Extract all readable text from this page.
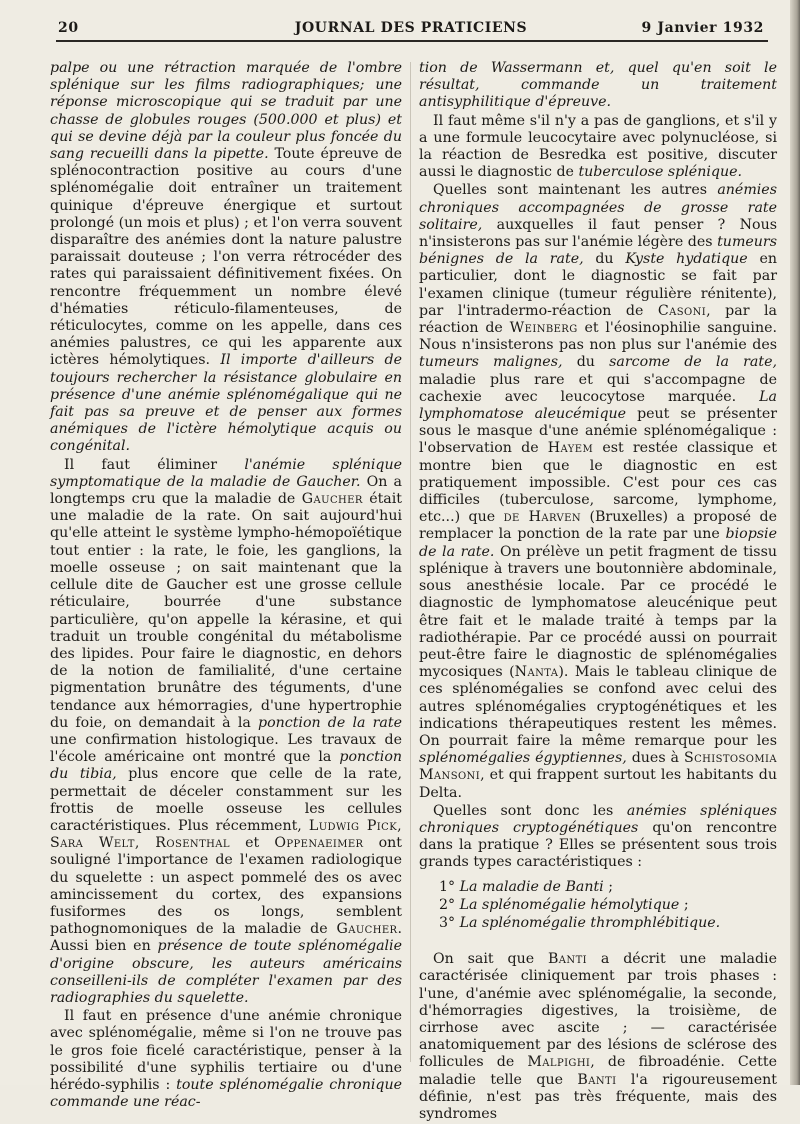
20	JOURNAL DES PRATICIENS	9 Janvier 1932

palpe ou une rétraction marquée de l'ombre splénique sur les films radiographiques; une réponse microscopique qui se traduit par une chasse de globules rouges (500.000 et plus) et qui se devine déjà par la couleur plus foncée du sang recueilli dans la pipette. Toute épreuve de splénocontraction positive au cours d'une splénomégalie doit entraîner un traitement quinique d'épreuve énergique et surtout prolongé (un mois et plus) ; et l'on verra souvent disparaître des anémies dont la nature palustre paraissait douteuse ; l'on verra rétrocéder des rates qui paraissaient définitivement fixées. On rencontre fréquemment un nombre élevé d'hématies réticulo-filamenteuses, de réticulocytes, comme on les appelle, dans ces anémies palustres, ce qui les apparente aux ictères hémolytiques. Il importe d'ailleurs de toujours rechercher la résistance globulaire en présence d'une anémie splénomégalique qui ne fait pas sa preuve et de penser aux formes anémiques de l'ictère hémolytique acquis ou congénital.

Il faut éliminer l'anémie splénique symptomatique de la maladie de Gaucher. On a longtemps cru que la maladie de Gaucher était une maladie de la rate. On sait aujourd'hui qu'elle atteint le système lympho-hémopoïétique tout entier : la rate, le foie, les ganglions, la moelle osseuse ; on sait maintenant que la cellule dite de Gaucher est une grosse cellule réticulaire, bourrée d'une substance particulière, qu'on appelle la kérasine, et qui traduit un trouble congénital du métabolisme des lipides. Pour faire le diagnostic, en dehors de la notion de familialité, d'une certaine pigmentation brunâtre des téguments, d'une tendance aux hémorragies, d'une hypertrophie du foie, on demandait à la ponction de la rate une confirmation histologique. Les travaux de l'école américaine ont montré que la ponction du tibia, plus encore que celle de la rate, permettait de déceler constamment sur les frottis de moelle osseuse les cellules caractéristiques. Plus récemment, Ludwig Pick, Sara Welt, Rosenthal et Oppenaeimer ont souligné l'importance de l'examen radiologique du squelette : un aspect pommelé des os avec amincissement du cortex, des expansions fusiformes des os longs, semblent pathognomoniques de la maladie de Gaucher. Aussi bien en présence de toute splénomégalie d'origine obscure, les auteurs américains conseilleni-ils de compléter l'examen par des radiographies du squelette.

Il faut en présence d'une anémie chronique avec splénomégalie, même si l'on ne trouve pas le gros foie ficelé caractéristique, penser à la possibilité d'une syphilis tertiaire ou d'une hérédo-syphilis : toute splénomégalie chronique commande une réac-

tion de Wassermann et, quel qu'en soit le résultat, commande un traitement antisyphilitique d'épreuve.

Il faut même s'il n'y a pas de ganglions, et s'il y a une formule leucocytaire avec polynucléose, si la réaction de Besredka est positive, discuter aussi le diagnostic de tuberculose splénique.

Quelles sont maintenant les autres anémies chroniques accompagnées de grosse rate solitaire, auxquelles il faut penser ? Nous n'insisterons pas sur l'anémie légère des tumeurs bénignes de la rate, du Kyste hydatique en particulier, dont le diagnostic se fait par l'examen clinique (tumeur régulière rénitente), par l'intradermo-réaction de Casoni, par la réaction de Weinberg et l'éosinophilie sanguine. Nous n'insisterons pas non plus sur l'anémie des tumeurs malignes, du sarcome de la rate, maladie plus rare et qui s'accompagne de cachexie avec leucocytose marquée. La lymphomatose aleucémique peut se présenter sous le masque d'une anémie splénomégalique : l'observation de Hayem est restée classique et montre bien que le diagnostic en est pratiquement impossible. C'est pour ces cas difficiles (tuberculose, sarcome, lymphome, etc...) que de Harven (Bruxelles) a proposé de remplacer la ponction de la rate par une biopsie de la rate. On prélève un petit fragment de tissu splénique à travers une boutonnière abdominale, sous anesthésie locale. Par ce procédé le diagnostic de lymphomatose aleucénique peut être fait et le malade traité à temps par la radiothérapie. Par ce procédé aussi on pourrait peut-être faire le diagnostic de splénomégalies mycosiques (Nanta). Mais le tableau clinique de ces splénomégalies se confond avec celui des autres splénomégalies cryptogénétiques et les indications thérapeutiques restent les mêmes. On pourrait faire la même remarque pour les splénomégalies égyptiennes, dues à Schistosomia Mansoni, et qui frappent surtout les habitants du Delta.

Quelles sont donc les anémies spléniques chroniques cryptogénétiques qu'on rencontre dans la pratique ? Elles se présentent sous trois grands types caractéristiques :

1° La maladie de Banti ;

2° La splénomégalie hémolytique ;

3° La splénomégalie thromphlébitique.

On sait que Banti a décrit une maladie caractérisée cliniquement par trois phases : l'une, d'anémie avec splénomégalie, la seconde, d'hémorragies digestives, la troisième, de cirrhose avec ascite ; — caractérisée anatomiquement par des lésions de sclérose des follicules de Malpighi, de fibroadénie. Cette maladie telle que Banti l'a rigoureusement définie, n'est pas très fréquente, mais des syndromes
